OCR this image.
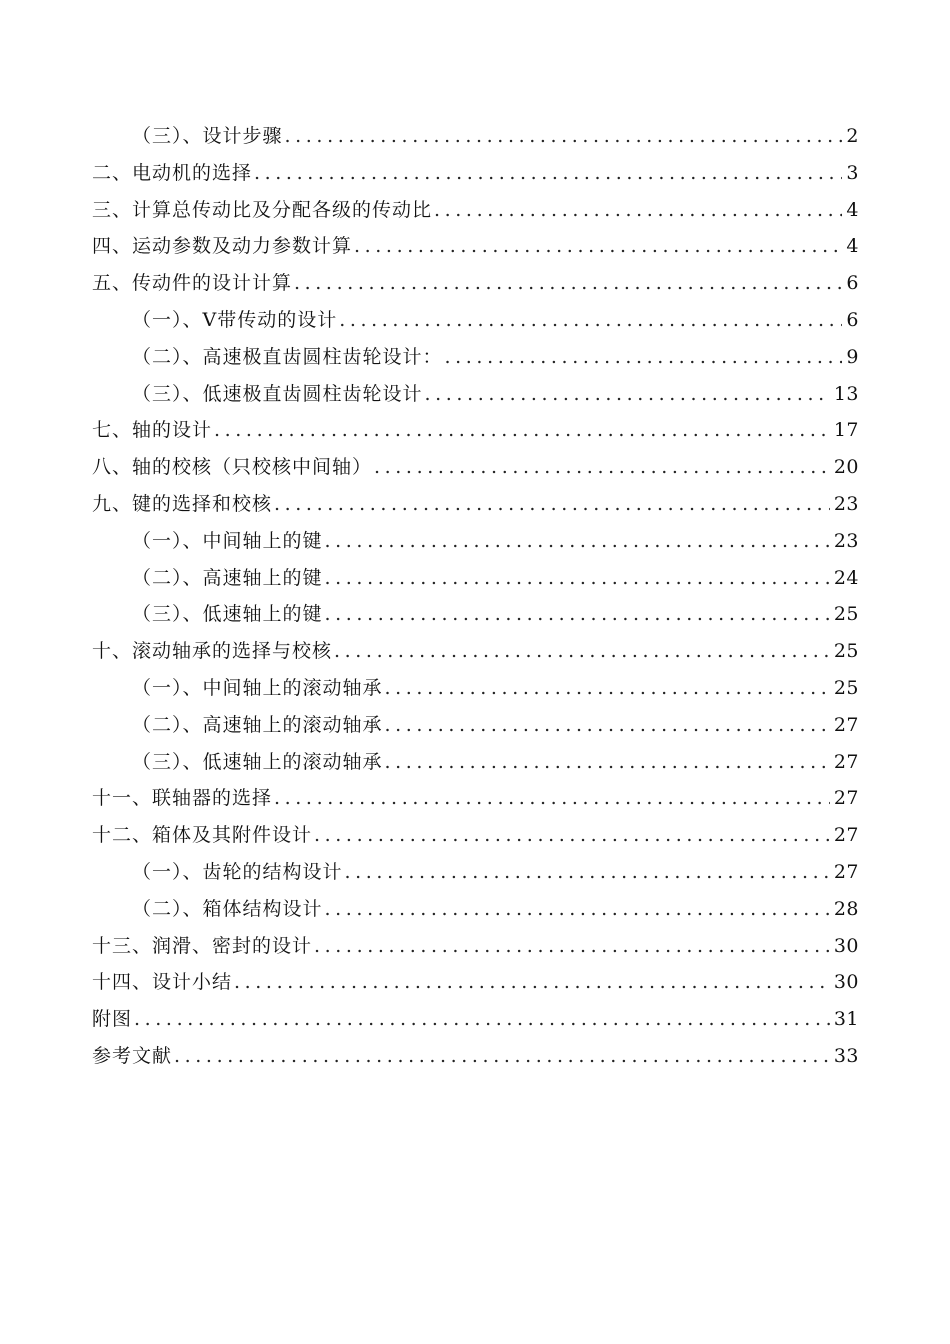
（三）、设计步骤 .....	2
二、电动机的选择 .....	3
三、计算总传动比及分配各级的传动比 .....	4
四、运动参数及动力参数计算 .....	4
五、传动件的设计计算 .....	6
（一）、V带传动的设计 .....	6
（二）、高速极直齿圆柱齿轮设计： .....	9
（三）、低速极直齿圆柱齿轮设计 .....	13
七、轴的设计 .....	17
八、轴的校核（只校核中间轴） .....	20
九、键的选择和校核 .....	23
（一）、中间轴上的键 .....	23
（二）、高速轴上的键 .....	24
（三）、低速轴上的键 .....	25
十、滚动轴承的选择与校核 .....	25
（一）、中间轴上的滚动轴承 .....	25
（二）、高速轴上的滚动轴承 .....	27
（三）、低速轴上的滚动轴承 .....	27
十一、联轴器的选择 .....	27
十二、箱体及其附件设计 .....	27
（一）、齿轮的结构设计 .....	27
（二）、箱体结构设计 .....	28
十三、润滑、密封的设计 .....	30
十四、设计小结 .....	30
附图 .....	31
参考文献 .....	33
